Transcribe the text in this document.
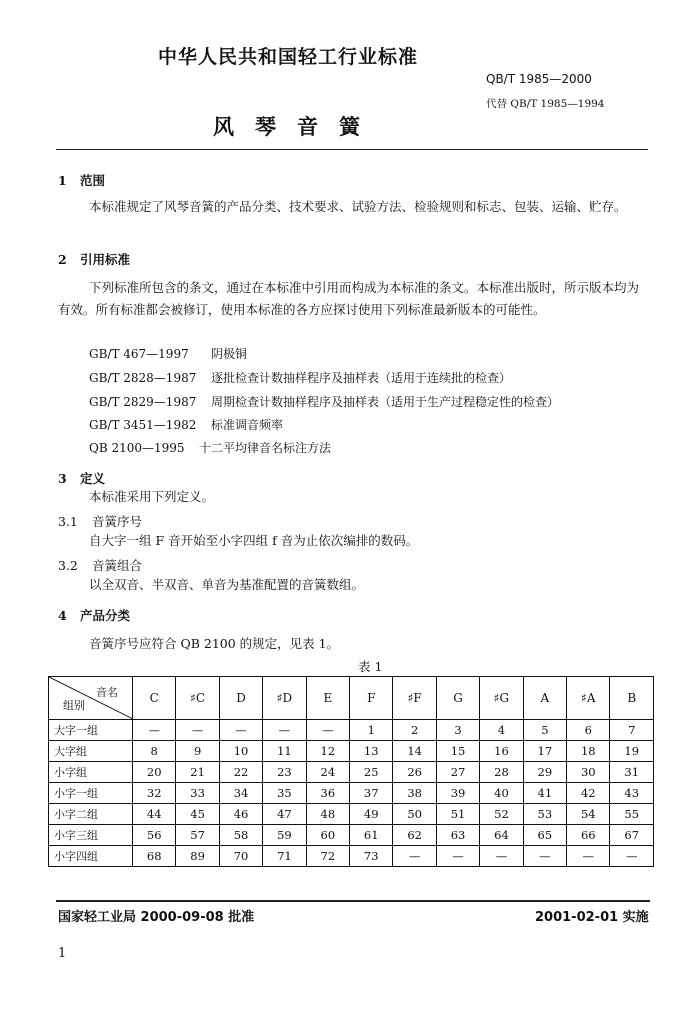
中华人民共和国轻工行业标准
QB/T 1985—2000
代替 QB/T 1985—1994
风琴音簧
1 范围
本标准规定了风琴音簧的产品分类、技术要求、试验方法、检验规则和标志、包装、运输、贮存。
2 引用标准
下列标准所包含的条文，通过在本标准中引用而构成为本标准的条文。本标准出版时，所示版本均为有效。所有标准都会被修订，使用本标准的各方应探讨使用下列标准最新版本的可能性。
GB/T 467—1997 阴极铜
GB/T 2828—1987 逐批检查计数抽样程序及抽样表（适用于连续批的检查）
GB/T 2829—1987 周期检查计数抽样程序及抽样表（适用于生产过程稳定性的检查）
GB/T 3451—1982 标准调音频率
QB 2100—1995 十二平均律音名标注方法
3 定义
本标准采用下列定义。
3.1 音簧序号
自大字一组 F 音开始至小字四组 f 音为止依次编排的数码。
3.2 音簧组合
以全双音、半双音、单音为基准配置的音簧数组。
4 产品分类
音簧序号应符合 QB 2100 的规定，见表 1。
表 1
音名
组别	C	♯C	D	♯D	E	F	♯F	G	♯G	A	♯A	B
大字一组	—	—	—	—	—	1	2	3	4	5	6	7
大字组	8	9	10	11	12	13	14	15	16	17	18	19
小字组	20	21	22	23	24	25	26	27	28	29	30	31
小字一组	32	33	34	35	36	37	38	39	40	41	42	43
小字二组	44	45	46	47	48	49	50	51	52	53	54	55
小字三组	56	57	58	59	60	61	62	63	64	65	66	67
小字四组	68	89	70	71	72	73	—	—	—	—	—	—
国家轻工业局 2000-09-08 批准	2001-02-01 实施
1
